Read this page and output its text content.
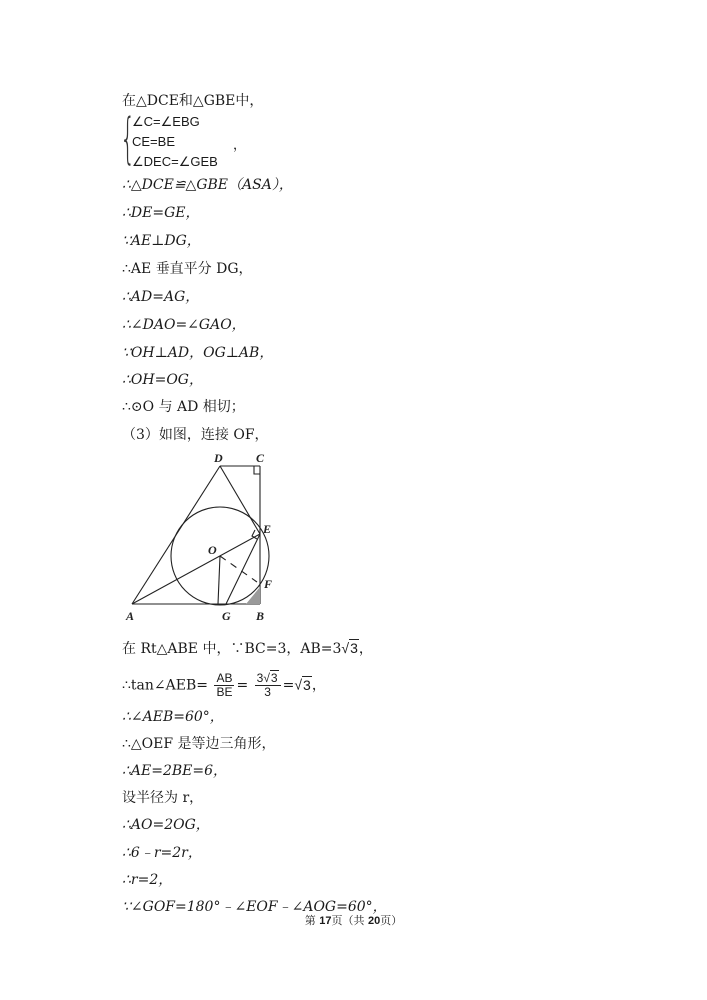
在△DCE和△GBE中，
{
∠C=∠EBG
CE=BE
∠DEC=∠GEB
，
∴△DCE≌△GBE（ASA），
∴DE=GE，
∵AE⊥DG，
∴AE 垂直平分 DG，
∴AD=AG，
∴∠DAO=∠GAO，
∵OH⊥AD，OG⊥AB，
∴OH=OG，
∴⊙O 与 AD 相切；
（3）如图，连接 OF，
D	C
E
O
F
A	G B
在 Rt△ABE 中，∵BC=3，AB=3√3，
∴tan∠AEB= $\frac{AB}{BE} = \frac{3√3}{3} =√3$，
∴∠AEB=60°，
∴△OEF 是等边三角形，
∴AE=2BE=6，
设半径为 r，
∴AO=2OG，
∴6﹣r=2r，
∴r=2，
∵∠GOF=180°﹣∠EOF﹣∠AOG=60°，
第 17页（共 20页）
